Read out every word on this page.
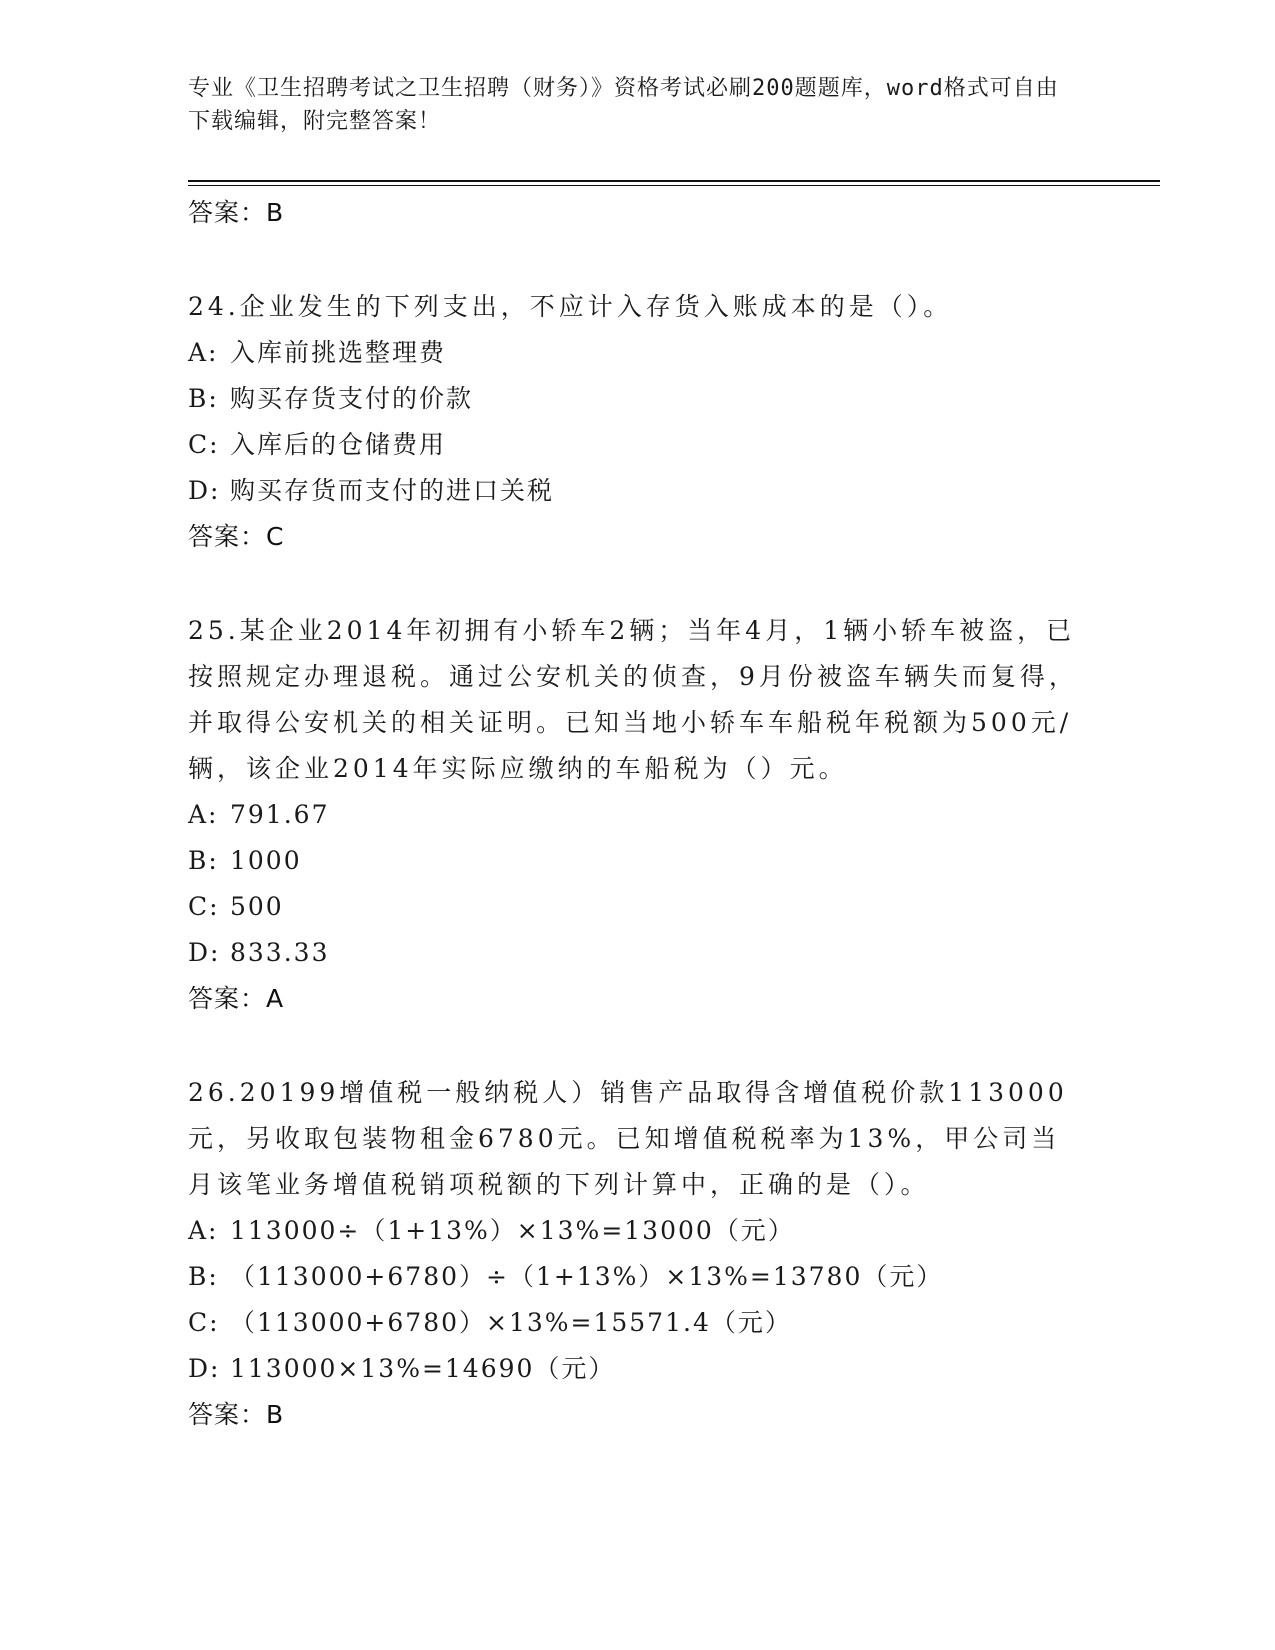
专业《卫生招聘考试之卫生招聘（财务）》资格考试必刷200题题库，word格式可自由下载编辑，附完整答案！
答案：B
24.企业发生的下列支出，不应计入存货入账成本的是（）。
A: 入库前挑选整理费
B: 购买存货支付的价款
C: 入库后的仓储费用
D: 购买存货而支付的进口关税
答案：C
25.某企业2014年初拥有小轿车2辆；当年4月，1辆小轿车被盗，已按照规定办理退税。通过公安机关的侦查，9月份被盗车辆失而复得，并取得公安机关的相关证明。已知当地小轿车车船税年税额为500元/辆，该企业2014年实际应缴纳的车船税为（）元。
A: 791.67
B: 1000
C: 500
D: 833.33
答案：A
26.20199增值税一般纳税人）销售产品取得含增值税价款113000元，另收取包装物租金6780元。已知增值税税率为13%，甲公司当月该笔业务增值税销项税额的下列计算中，正确的是（）。
A: 113000÷（1+13%）×13%=13000（元）
B: （113000+6780）÷（1+13%）×13%=13780（元）
C: （113000+6780）×13%=15571.4（元）
D: 113000×13%=14690（元）
答案：B
